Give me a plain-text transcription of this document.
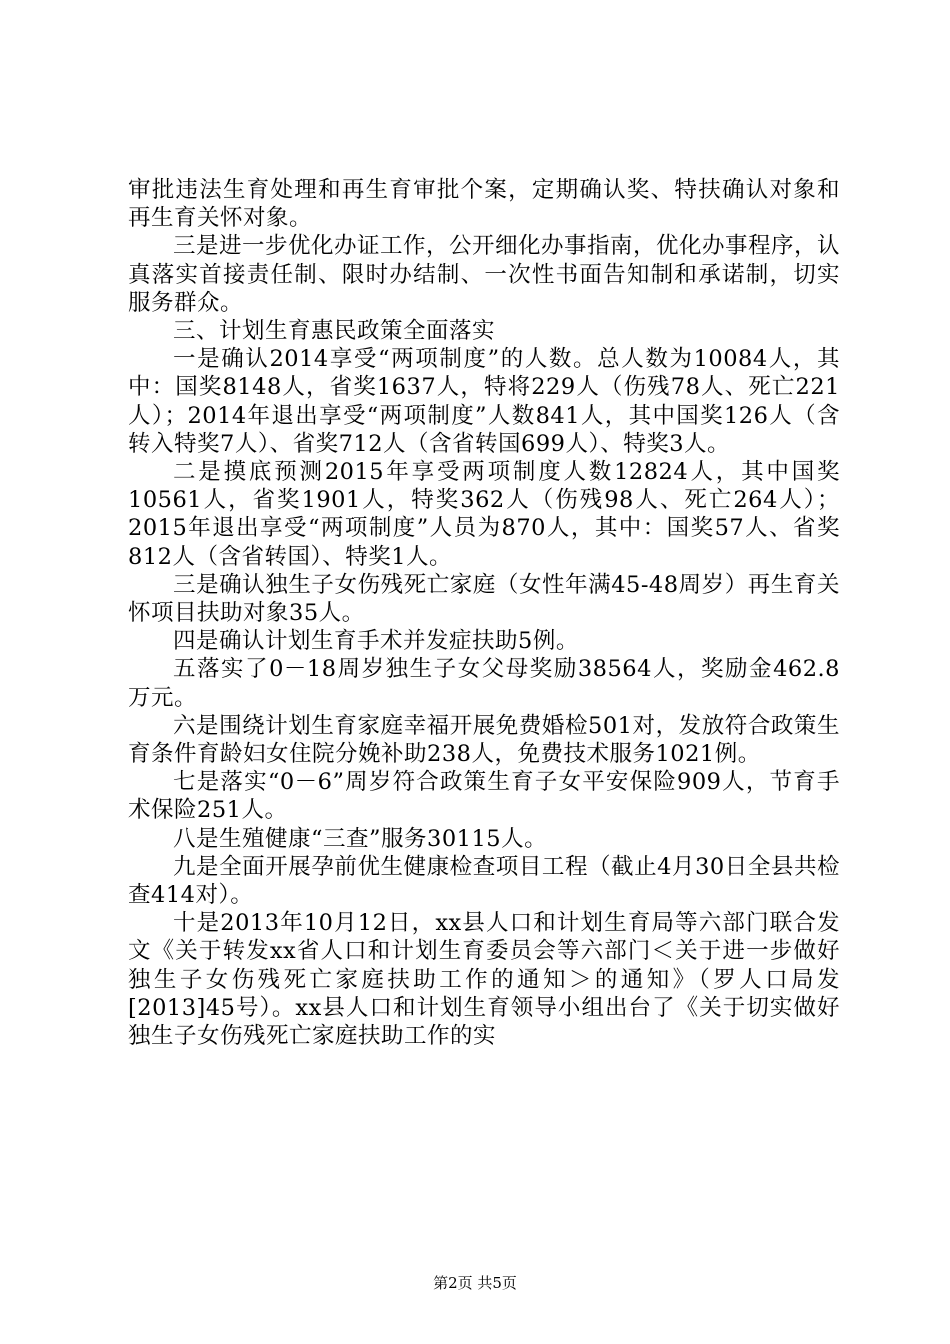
审批违法生育处理和再生育审批个案，定期确认奖、特扶确认对象和再生育关怀对象。

三是进一步优化办证工作，公开细化办事指南，优化办事程序，认真落实首接责任制、限时办结制、一次性书面告知制和承诺制，切实服务群众。

三、计划生育惠民政策全面落实

一是确认2014享受“两项制度”的人数。总人数为10084人，其中：国奖8148人，省奖1637人，特将229人（伤残78人、死亡221人）；2014年退出享受“两项制度”人数841人，其中国奖126人（含转入特奖7人）、省奖712人（含省转国699人）、特奖3人。

二是摸底预测2015年享受两项制度人数12824人，其中国奖10561人，省奖1901人，特奖362人（伤残98人、死亡264人）；2015年退出享受“两项制度”人员为870人，其中：国奖57人、省奖812人（含省转国）、特奖1人。

三是确认独生子女伤残死亡家庭（女性年满45-48周岁）再生育关怀项目扶助对象35人。

四是确认计划生育手术并发症扶助5例。

五落实了0－18周岁独生子女父母奖励38564人，奖励金462.8万元。

六是围绕计划生育家庭幸福开展免费婚检501对，发放符合政策生育条件育龄妇女住院分娩补助238人，免费技术服务1021例。

七是落实“0－6”周岁符合政策生育子女平安保险909人，节育手术保险251人。

八是生殖健康“三查”服务30115人。

九是全面开展孕前优生健康检查项目工程（截止4月30日全县共检查414对）。

十是2013年10月12日，xx县人口和计划生育局等六部门联合发文《关于转发xx省人口和计划生育委员会等六部门＜关于进一步做好独生子女伤残死亡家庭扶助工作的通知＞的通知》（罗人口局发[2013]45号）。xx县人口和计划生育领导小组出台了《关于切实做好独生子女伤残死亡家庭扶助工作的实

第2页 共5页
